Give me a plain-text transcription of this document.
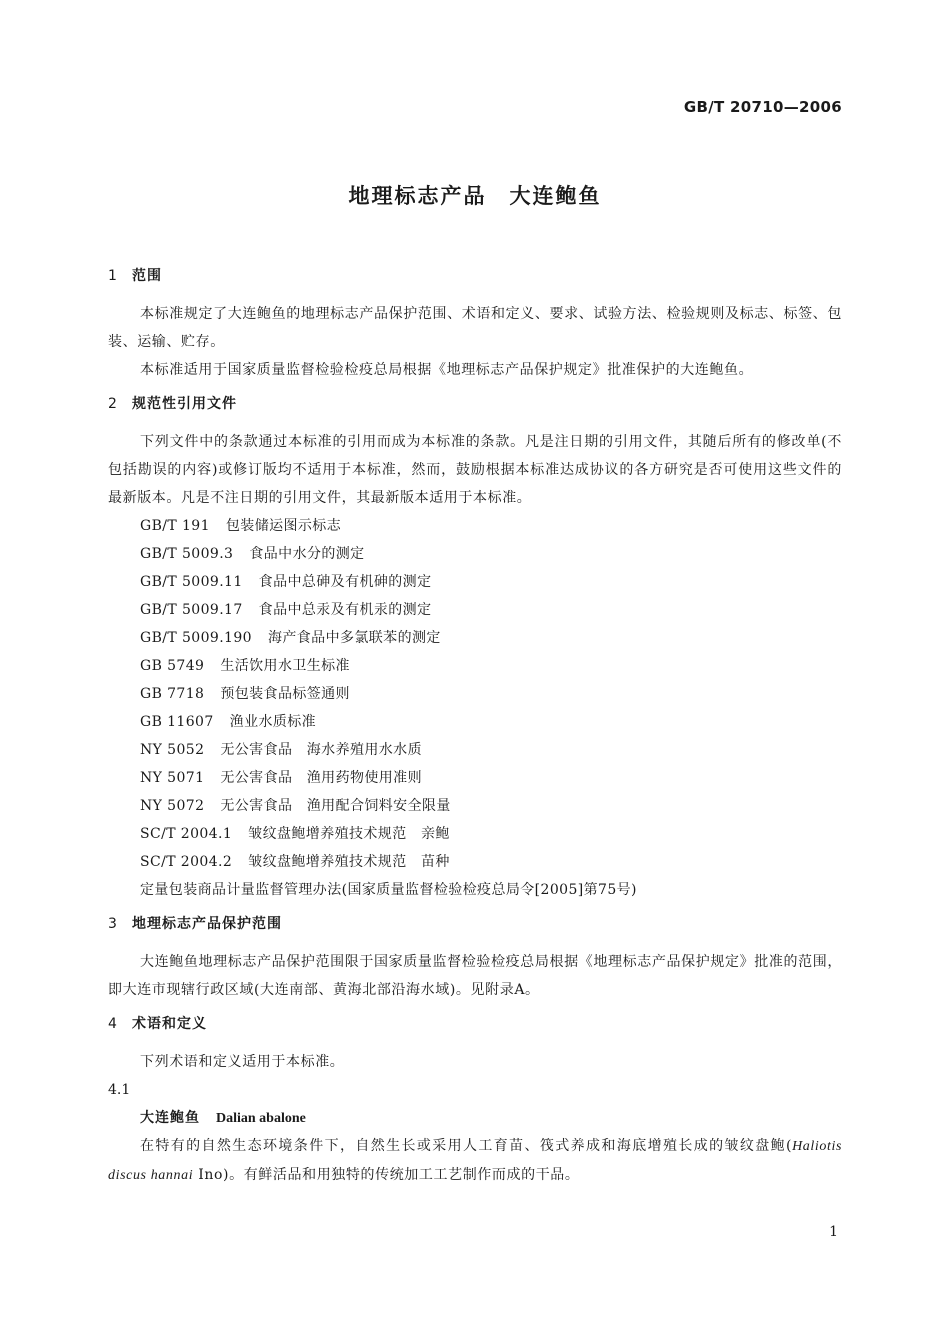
GB/T 20710—2006
地理标志产品　大连鲍鱼
1	范围
本标准规定了大连鲍鱼的地理标志产品保护范围、术语和定义、要求、试验方法、检验规则及标志、标签、包装、运输、贮存。
本标准适用于国家质量监督检验检疫总局根据《地理标志产品保护规定》批准保护的大连鲍鱼。
2	规范性引用文件
下列文件中的条款通过本标准的引用而成为本标准的条款。凡是注日期的引用文件，其随后所有的修改单(不包括勘误的内容)或修订版均不适用于本标准，然而，鼓励根据本标准达成协议的各方研究是否可使用这些文件的最新版本。凡是不注日期的引用文件，其最新版本适用于本标准。
GB/T 191 包装储运图示标志
GB/T 5009.3 食品中水分的测定
GB/T 5009.11 食品中总砷及有机砷的测定
GB/T 5009.17 食品中总汞及有机汞的测定
GB/T 5009.190 海产食品中多氯联苯的测定
GB 5749 生活饮用水卫生标准
GB 7718 预包装食品标签通则
GB 11607 渔业水质标准
NY 5052 无公害食品　海水养殖用水水质
NY 5071 无公害食品　渔用药物使用准则
NY 5072 无公害食品　渔用配合饲料安全限量
SC/T 2004.1 皱纹盘鲍增养殖技术规范　亲鲍
SC/T 2004.2 皱纹盘鲍增养殖技术规范　苗种
定量包装商品计量监督管理办法(国家质量监督检验检疫总局令[2005]第75号)
3	地理标志产品保护范围
大连鲍鱼地理标志产品保护范围限于国家质量监督检验检疫总局根据《地理标志产品保护规定》批准的范围，即大连市现辖行政区域(大连南部、黄海北部沿海水域)。见附录A。
4	术语和定义
下列术语和定义适用于本标准。
4.1
大连鲍鱼 Dalian abalone
在特有的自然生态环境条件下，自然生长或采用人工育苗、筏式养成和海底增殖长成的皱纹盘鲍(Haliotis discus hannai Ino)。有鲜活品和用独特的传统加工工艺制作而成的干品。
1
